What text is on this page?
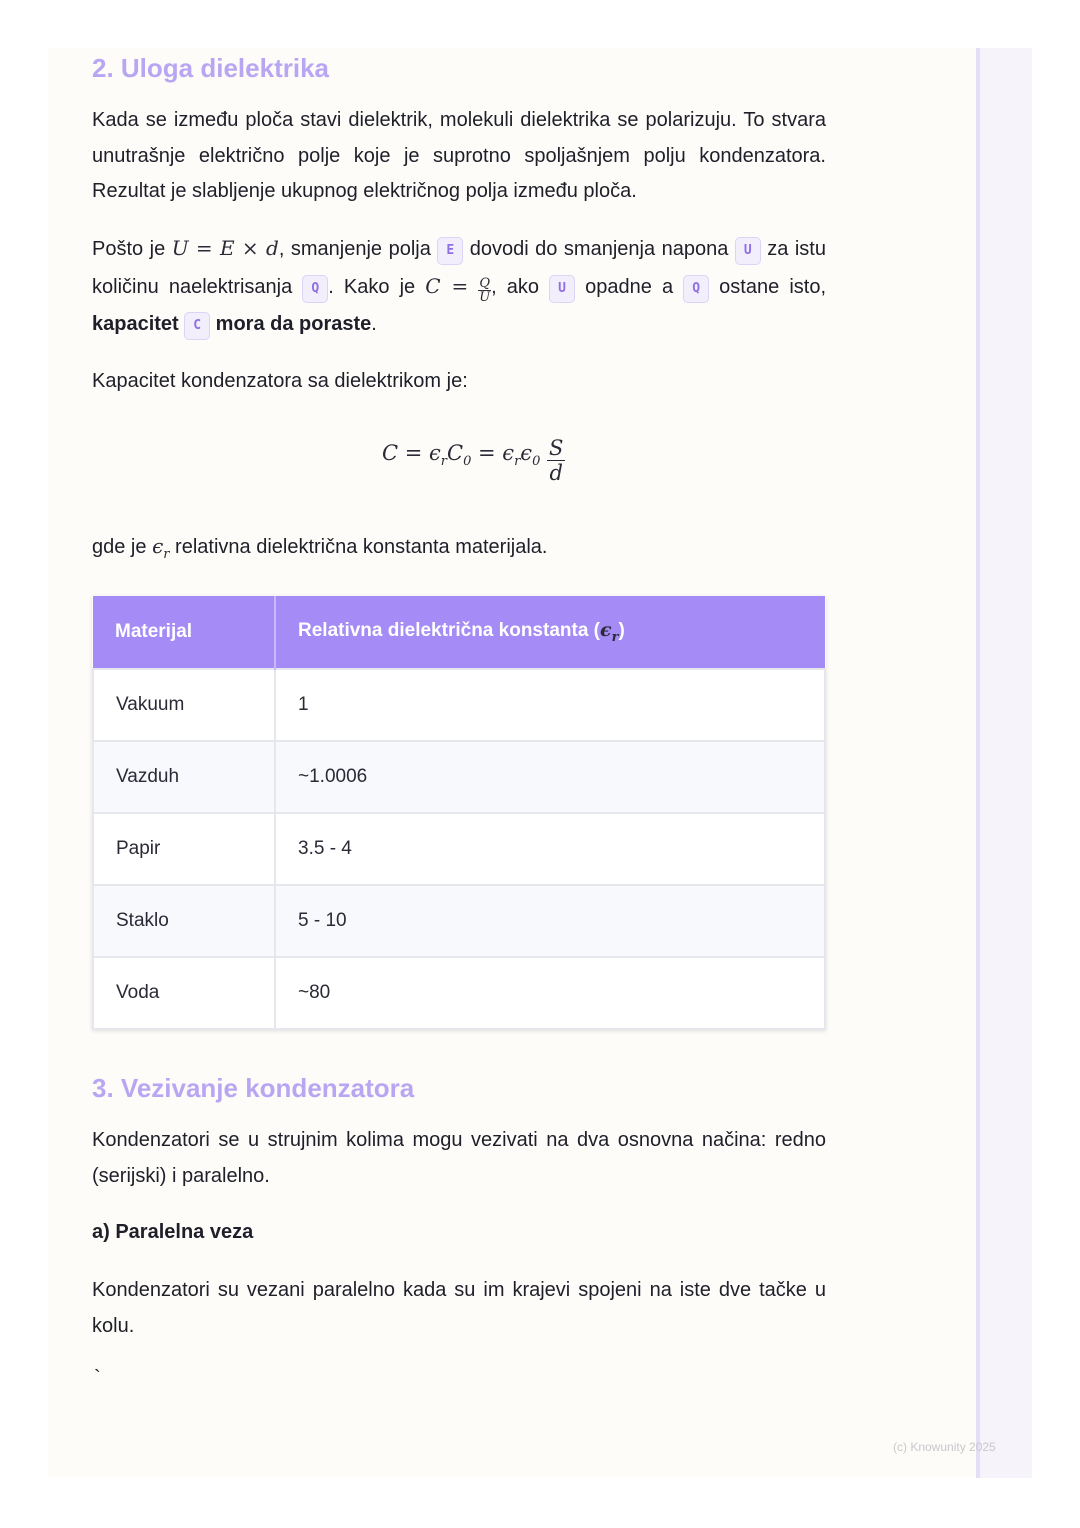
2. Uloga dielektrika

Kada se između ploča stavi dielektrik, molekuli dielektrika se polarizuju. To stvara unutrašnje električno polje koje je suprotno spoljašnjem polju kondenzatora. Rezultat je slabljenje ukupnog električnog polja između ploča.

Pošto je U = E × d, smanjenje polja E dovodi do smanjenja napona U za istu količinu naelektrisanja Q . Kako je $C = \frac{Q}{U}$ , ako U opadne a Q ostane isto, kapacitet C mora da poraste.

Kapacitet kondenzatora sa dielektrikom je:

$C = \epsilon_rC_0 = \epsilon_r\epsilon_0 \frac{S}{d}$

gde je $\epsilon_r$ relativna dielektrična konstanta materijala.

Materijal	Relativna dielektrična konstanta $(\epsilon_r)$
Vakuum	1
Vazduh	~1.0006
Papir	3.5 - 4
Staklo	5 - 10
Voda	~80
3. Vezivanje kondenzatora

Kondenzatori se u strujnim kolima mogu vezivati na dva osnovna načina: redno (serijski) i paralelno.

a) Paralelna veza

Kondenzatori su vezani paralelno kada su im krajevi spojeni na iste dve tačke u kolu.

`

(c) Knowunity 2025
